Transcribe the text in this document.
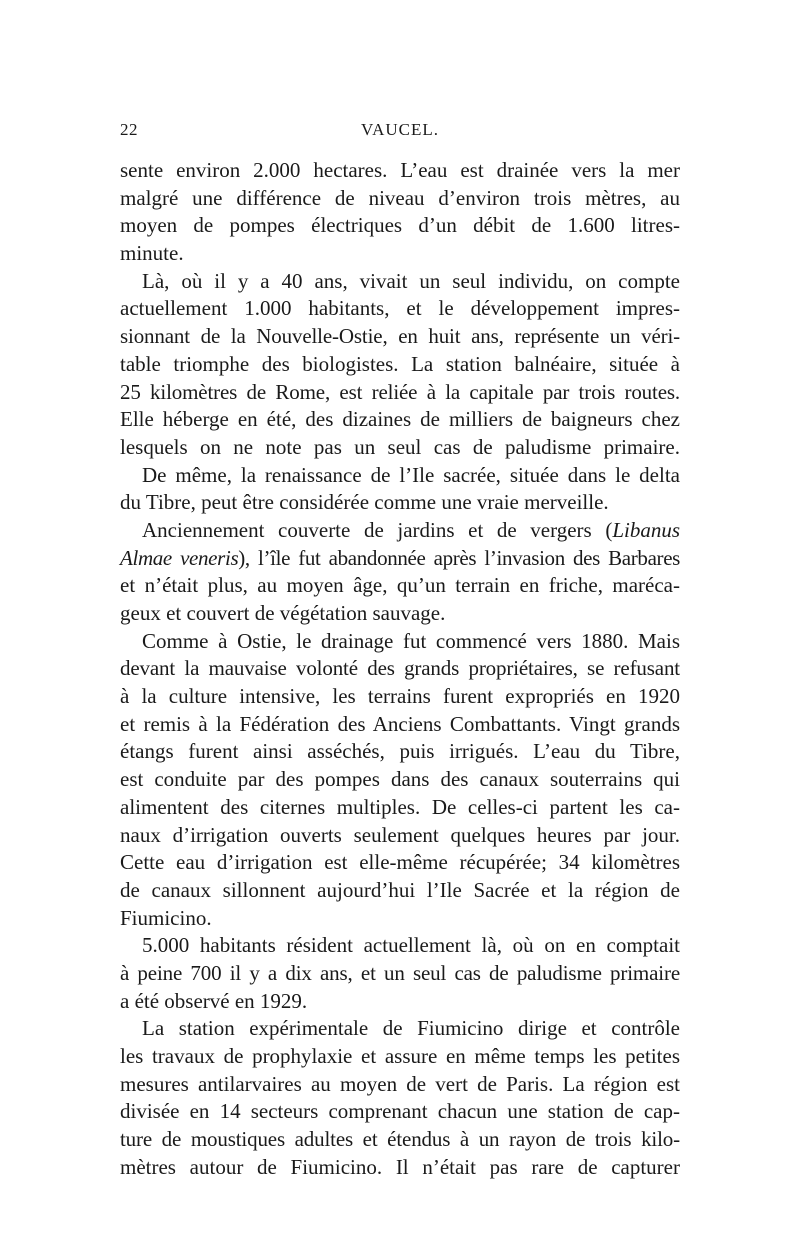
22	VAUCEL.
sente environ 2.000 hectares. L’eau est drainée vers la mer
malgré une différence de niveau d’environ trois mètres, au
moyen de pompes électriques d’un débit de 1.600 litres-
minute.
Là, où il y a 40 ans, vivait un seul individu, on compte
actuellement 1.000 habitants, et le développement impres-
sionnant de la Nouvelle-Ostie, en huit ans, représente un véri-
table triomphe des biologistes. La station balnéaire, située à
25 kilomètres de Rome, est reliée à la capitale par trois routes.
Elle héberge en été, des dizaines de milliers de baigneurs chez
lesquels on ne note pas un seul cas de paludisme primaire.
De même, la renaissance de l’Ile sacrée, située dans le delta
du Tibre, peut être considérée comme une vraie merveille.
Anciennement couverte de jardins et de vergers (Libanus
Almae veneris), l’île fut abandonnée après l’invasion des Barbares
et n’était plus, au moyen âge, qu’un terrain en friche, maréca-
geux et couvert de végétation sauvage.
Comme à Ostie, le drainage fut commencé vers 1880. Mais
devant la mauvaise volonté des grands propriétaires, se refusant
à la culture intensive, les terrains furent expropriés en 1920
et remis à la Fédération des Anciens Combattants. Vingt grands
étangs furent ainsi asséchés, puis irrigués. L’eau du Tibre,
est conduite par des pompes dans des canaux souterrains qui
alimentent des citernes multiples. De celles-ci partent les ca-
naux d’irrigation ouverts seulement quelques heures par jour.
Cette eau d’irrigation est elle-même récupérée; 34 kilomètres
de canaux sillonnent aujourd’hui l’Ile Sacrée et la région de
Fiumicino.
5.000 habitants résident actuellement là, où on en comptait
à peine 700 il y a dix ans, et un seul cas de paludisme primaire
a été observé en 1929.
La station expérimentale de Fiumicino dirige et contrôle
les travaux de prophylaxie et assure en même temps les petites
mesures antilarvaires au moyen de vert de Paris. La région est
divisée en 14 secteurs comprenant chacun une station de cap-
ture de moustiques adultes et étendus à un rayon de trois kilo-
mètres autour de Fiumicino. Il n’était pas rare de capturer
